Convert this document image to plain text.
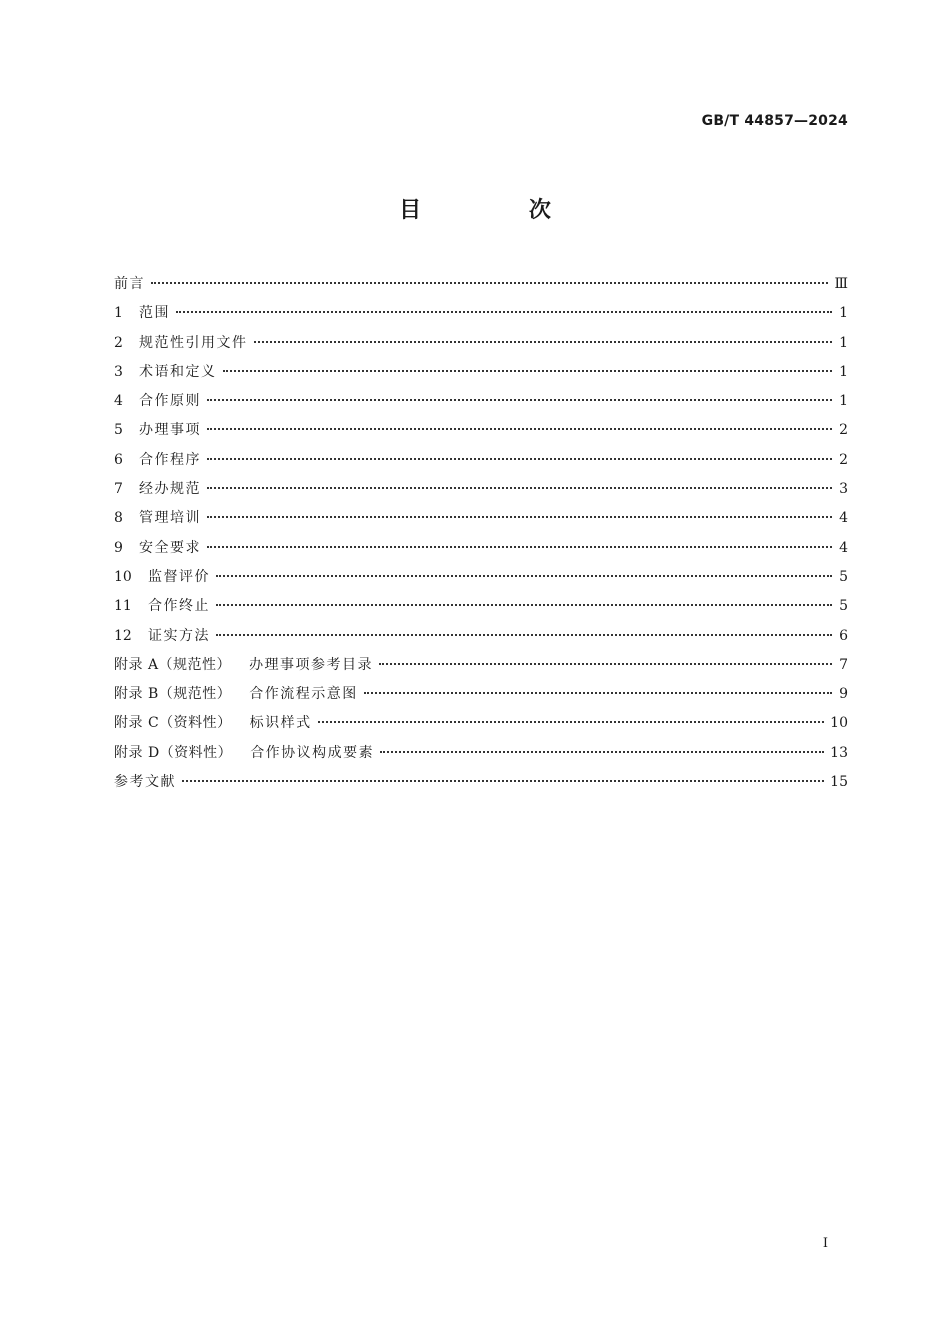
GB/T 44857—2024
目 次
前言	Ⅲ
1	范围	1
2	规范性引用文件	1
3	术语和定义	1
4	合作原则	1
5	办理事项	2
6	合作程序	2
7	经办规范	3
8	管理培训	4
9	安全要求	4
10	监督评价	5
11	合作终止	5
12	证实方法	6
附录 A（规范性） 办理事项参考目录	7
附录 B（规范性） 合作流程示意图	9
附录 C（资料性） 标识样式	10
附录 D（资料性） 合作协议构成要素	13
参考文献	15
Ⅰ
